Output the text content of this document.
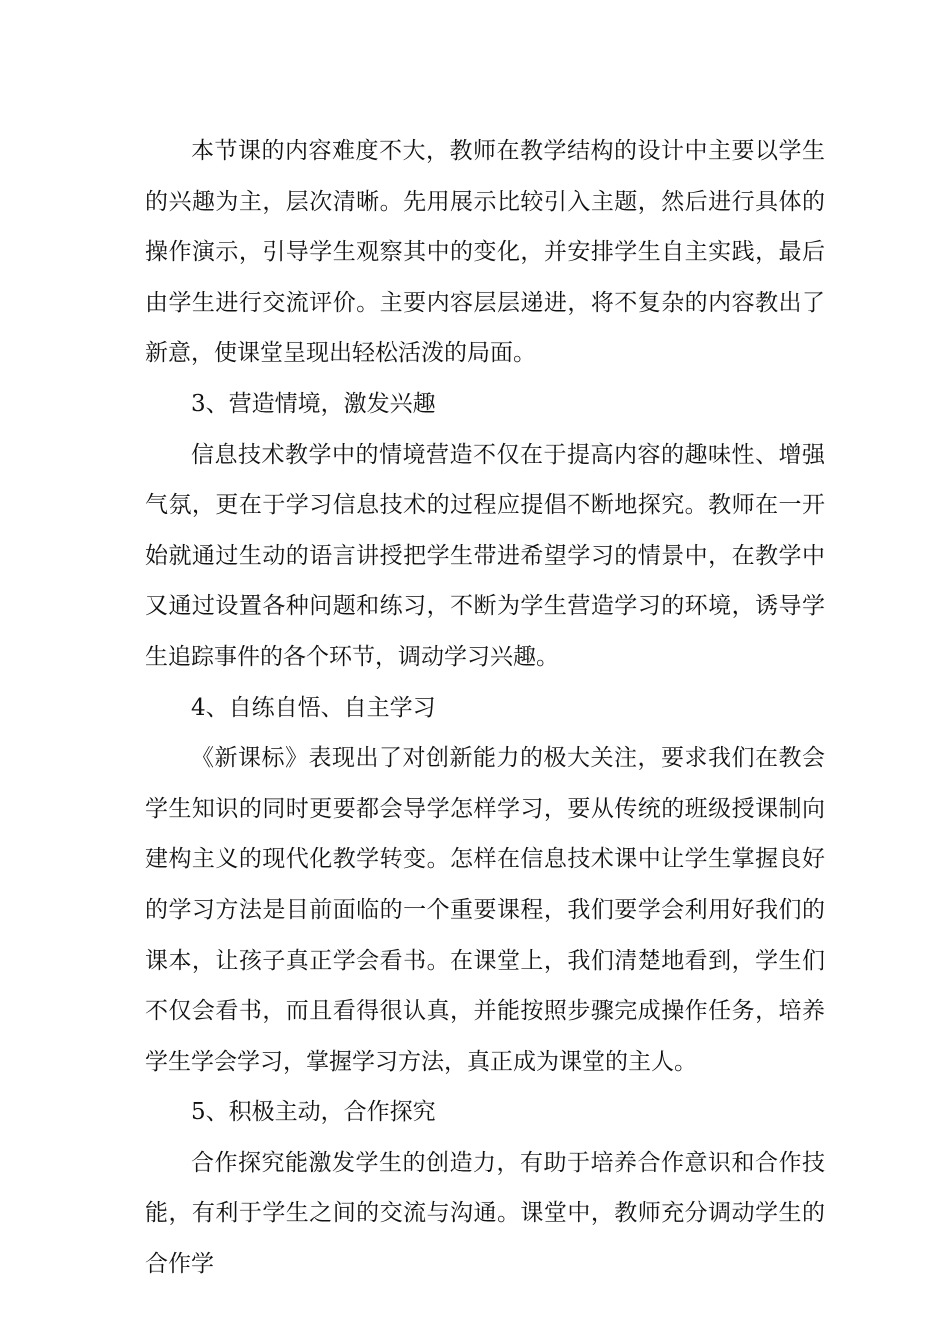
本节课的内容难度不大，教师在教学结构的设计中主要以学生的兴趣为主，层次清晰。先用展示比较引入主题，然后进行具体的操作演示，引导学生观察其中的变化，并安排学生自主实践，最后由学生进行交流评价。主要内容层层递进，将不复杂的内容教出了新意，使课堂呈现出轻松活泼的局面。

3、营造情境，激发兴趣

信息技术教学中的情境营造不仅在于提高内容的趣味性、增强气氛，更在于学习信息技术的过程应提倡不断地探究。教师在一开始就通过生动的语言讲授把学生带进希望学习的情景中，在教学中又通过设置各种问题和练习，不断为学生营造学习的环境，诱导学生追踪事件的各个环节，调动学习兴趣。

4、自练自悟、自主学习

《新课标》表现出了对创新能力的极大关注，要求我们在教会学生知识的同时更要都会导学怎样学习，要从传统的班级授课制向建构主义的现代化教学转变。怎样在信息技术课中让学生掌握良好的学习方法是目前面临的一个重要课程，我们要学会利用好我们的课本，让孩子真正学会看书。在课堂上，我们清楚地看到，学生们不仅会看书，而且看得很认真，并能按照步骤完成操作任务，培养学生学会学习，掌握学习方法，真正成为课堂的主人。

5、积极主动，合作探究

合作探究能激发学生的创造力，有助于培养合作意识和合作技能，有利于学生之间的交流与沟通。课堂中，教师充分调动学生的合作学
